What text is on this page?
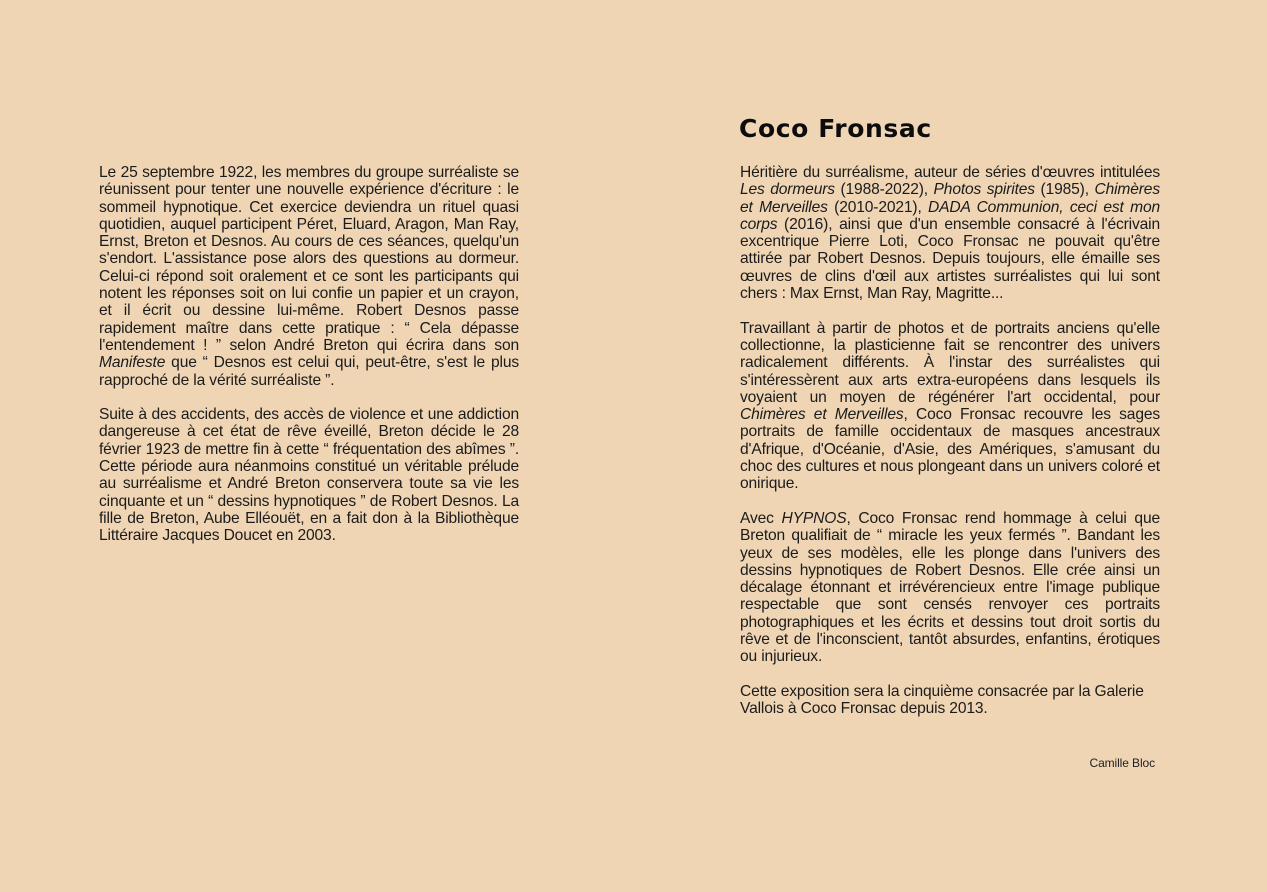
Le 25 septembre 1922, les membres du groupe surréaliste se réunissent pour tenter une nouvelle expérience d'écriture : le sommeil hypnotique. Cet exercice deviendra un rituel quasi quotidien, auquel participent Péret, Eluard, Aragon, Man Ray, Ernst, Breton et Desnos. Au cours de ces séances, quelqu'un s'endort. L'assistance pose alors des questions au dormeur. Celui-ci répond soit oralement et ce sont les participants qui notent les réponses soit on lui confie un papier et un crayon, et il écrit ou dessine lui-même. Robert Desnos passe rapidement maître dans cette pratique : “ Cela dépasse l'entendement ! ” selon André Breton qui écrira dans son Manifeste que “ Desnos est celui qui, peut-être, s'est le plus rapproché de la vérité surréaliste ”.

Suite à des accidents, des accès de violence et une addiction dangereuse à cet état de rêve éveillé, Breton décide le 28 février 1923 de mettre fin à cette “ fréquentation des abîmes ”. Cette période aura néanmoins constitué un véritable prélude au surréalisme et André Breton conservera toute sa vie les cinquante et un “ dessins hypnotiques ” de Robert Desnos. La fille de Breton, Aube Elléouët, en a fait don à la Bibliothèque Littéraire Jacques Doucet en 2003.

Coco Fronsac

Héritière du surréalisme, auteur de séries d'œuvres intitulées Les dormeurs (1988-2022), Photos spirites (1985), Chimères et Merveilles (2010-2021), DADA Communion, ceci est mon corps (2016), ainsi que d'un ensemble consacré à l'écrivain excentrique Pierre Loti, Coco Fronsac ne pouvait qu'être attirée par Robert Desnos. Depuis toujours, elle émaille ses œuvres de clins d'œil aux artistes surréalistes qui lui sont chers : Max Ernst, Man Ray, Magritte...

Travaillant à partir de photos et de portraits anciens qu'elle collectionne, la plasticienne fait se rencontrer des univers radicalement différents. À l'instar des surréalistes qui s'intéressèrent aux arts extra-européens dans lesquels ils voyaient un moyen de régénérer l'art occidental, pour Chimères et Merveilles, Coco Fronsac recouvre les sages portraits de famille occidentaux de masques ancestraux d'Afrique, d'Océanie, d'Asie, des Amériques, s'amusant du choc des cultures et nous plongeant dans un univers coloré et onirique.

Avec HYPNOS, Coco Fronsac rend hommage à celui que Breton qualifiait de “ miracle les yeux fermés ”. Bandant les yeux de ses modèles, elle les plonge dans l'univers des dessins hypnotiques de Robert Desnos. Elle crée ainsi un décalage étonnant et irrévérencieux entre l'image publique respectable que sont censés renvoyer ces portraits photographiques et les écrits et dessins tout droit sortis du rêve et de l'inconscient, tantôt absurdes, enfantins, érotiques ou injurieux.

Cette exposition sera la cinquième consacrée par la Galerie Vallois à Coco Fronsac depuis 2013.

Camille Bloc
